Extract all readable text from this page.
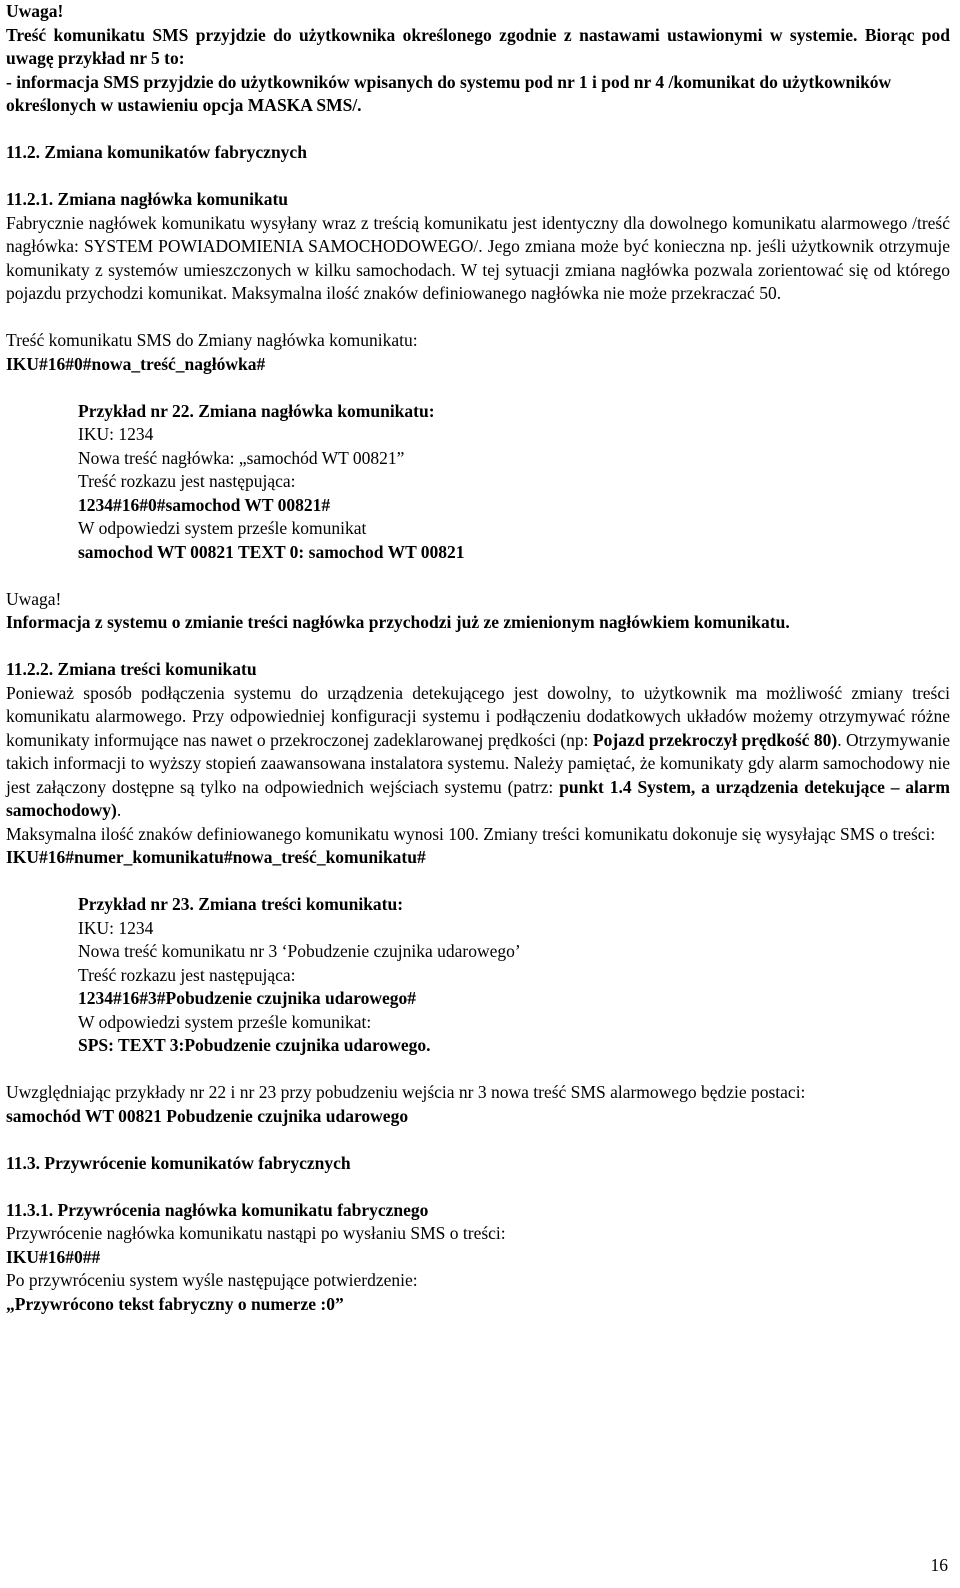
Uwaga!

Treść komunikatu SMS przyjdzie do użytkownika określonego zgodnie z nastawami ustawionymi w systemie. Biorąc pod uwagę przykład nr 5 to:

- informacja SMS przyjdzie do użytkowników wpisanych do systemu pod nr 1 i pod nr 4 /komunikat do użytkowników określonych w ustawieniu opcja MASKA SMS/.

11.2. Zmiana komunikatów fabrycznych

11.2.1. Zmiana nagłówka komunikatu

Fabrycznie nagłówek komunikatu wysyłany wraz z treścią komunikatu jest identyczny dla dowolnego komunikatu alarmowego /treść nagłówka: SYSTEM POWIADOMIENIA SAMOCHODOWEGO/. Jego zmiana może być konieczna np. jeśli użytkownik otrzymuje komunikaty z systemów umieszczonych w kilku samochodach. W tej sytuacji zmiana nagłówka pozwala zorientować się od którego pojazdu przychodzi komunikat. Maksymalna ilość znaków definiowanego nagłówka nie może przekraczać 50.

Treść komunikatu SMS do Zmiany nagłówka komunikatu:

IKU#16#0#nowa_treść_nagłówka#

Przykład nr 22. Zmiana nagłówka komunikatu:

IKU: 1234

Nowa treść nagłówka: „samochód WT 00821”

Treść rozkazu jest następująca:

1234#16#0#samochod WT 00821#

W odpowiedzi system prześle komunikat

samochod WT 00821 TEXT 0: samochod WT 00821

Uwaga!

Informacja z systemu o zmianie treści nagłówka przychodzi już ze zmienionym nagłówkiem komunikatu.

11.2.2. Zmiana treści komunikatu

Ponieważ sposób podłączenia systemu do urządzenia detekującego jest dowolny, to użytkownik ma możliwość zmiany treści komunikatu alarmowego. Przy odpowiedniej konfiguracji systemu i podłączeniu dodatkowych układów możemy otrzymywać różne komunikaty informujące nas nawet o przekroczonej zadeklarowanej prędkości (np: Pojazd przekroczył prędkość 80). Otrzymywanie takich informacji to wyższy stopień zaawansowana instalatora systemu. Należy pamiętać, że komunikaty gdy alarm samochodowy nie jest załączony dostępne są tylko na odpowiednich wejściach systemu (patrz: punkt 1.4 System, a urządzenia detekujące – alarm samochodowy).

Maksymalna ilość znaków definiowanego komunikatu wynosi 100. Zmiany treści komunikatu dokonuje się wysyłając SMS o treści:

IKU#16#numer_komunikatu#nowa_treść_komunikatu#

Przykład nr 23. Zmiana treści komunikatu:

IKU: 1234

Nowa treść komunikatu nr 3 ‘Pobudzenie czujnika udarowego’

Treść rozkazu jest następująca:

1234#16#3#Pobudzenie czujnika udarowego#

W odpowiedzi system prześle komunikat:

SPS: TEXT 3:Pobudzenie czujnika udarowego.

Uwzględniając przykłady nr 22 i nr 23 przy pobudzeniu wejścia nr 3 nowa treść SMS alarmowego będzie postaci:

samochód WT 00821 Pobudzenie czujnika udarowego

11.3. Przywrócenie komunikatów fabrycznych

11.3.1. Przywrócenia nagłówka komunikatu fabrycznego

Przywrócenie nagłówka komunikatu nastąpi po wysłaniu SMS o treści:

IKU#16#0##

Po przywróceniu system wyśle następujące potwierdzenie:

„Przywrócono tekst fabryczny o numerze :0”

16
